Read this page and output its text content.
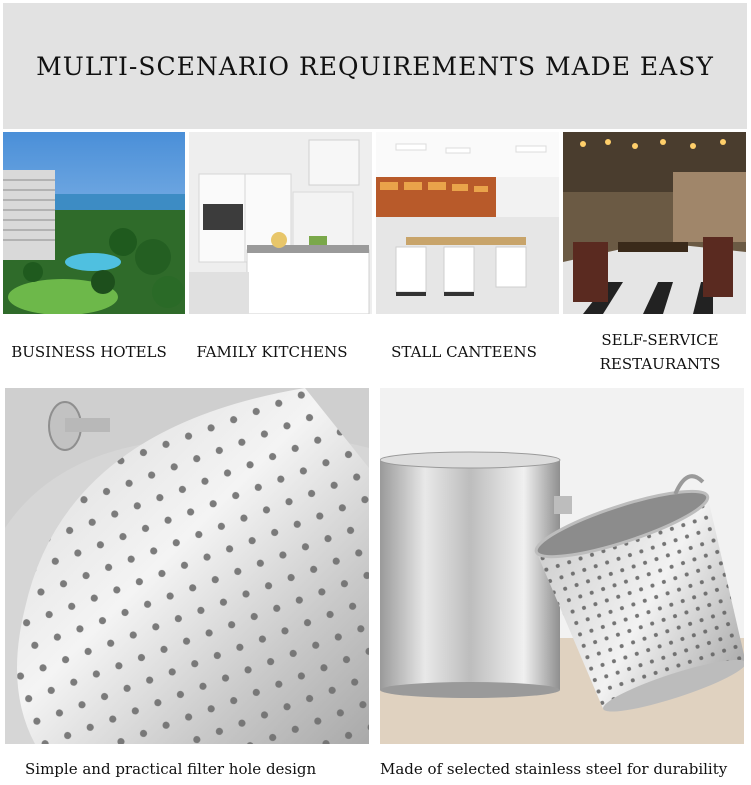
MULTI-SCENARIO REQUIREMENTS MADE EASY
BUSINESS HOTELS	FAMILY KITCHENS	STALL CANTEENS
SELF-SERVICE
RESTAURANTS
Simple and practical filter hole design	Made of selected stainless steel for durability
